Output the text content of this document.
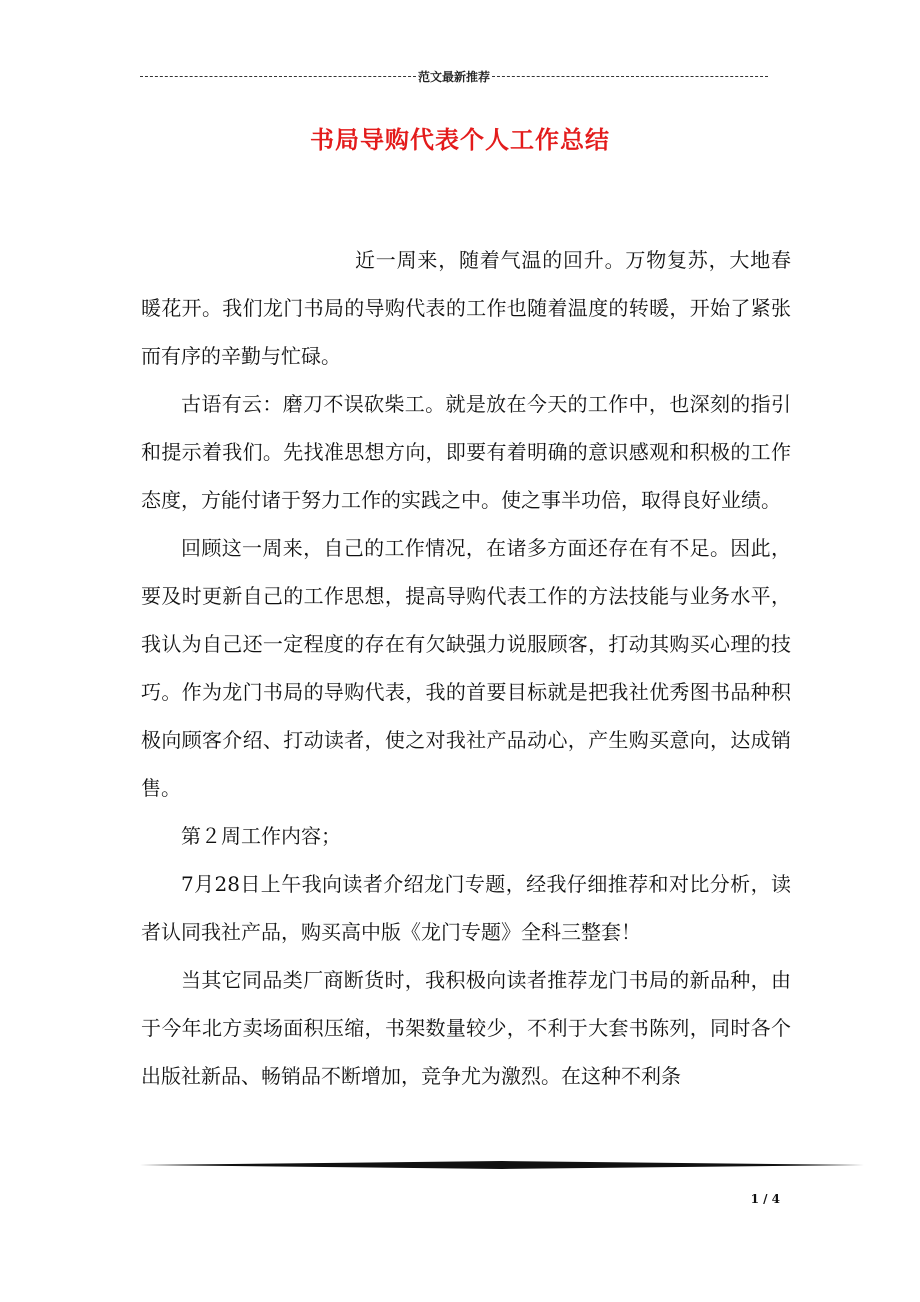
范文最新推荐
书局导购代表个人工作总结

近一周来，随着气温的回升。万物复苏，大地春暖花开。我们龙门书局的导购代表的工作也随着温度的转暖，开始了紧张而有序的辛勤与忙碌。

古语有云：磨刀不误砍柴工。就是放在今天的工作中，也深刻的指引和提示着我们。先找准思想方向，即要有着明确的意识感观和积极的工作态度，方能付诸于努力工作的实践之中。使之事半功倍，取得良好业绩。

回顾这一周来，自己的工作情况，在诸多方面还存在有不足。因此，要及时更新自己的工作思想，提高导购代表工作的方法技能与业务水平，我认为自己还一定程度的存在有欠缺强力说服顾客，打动其购买心理的技巧。作为龙门书局的导购代表，我的首要目标就是把我社优秀图书品种积极向顾客介绍、打动读者，使之对我社产品动心，产生购买意向，达成销售。

第２周工作内容；

7月28日上午我向读者介绍龙门专题，经我仔细推荐和对比分析，读者认同我社产品，购买高中版《龙门专题》全科三整套！

当其它同品类厂商断货时，我积极向读者推荐龙门书局的新品种，由于今年北方卖场面积压缩，书架数量较少，不利于大套书陈列，同时各个出版社新品、畅销品不断增加，竞争尤为激烈。在这种不利条

1 / 4
